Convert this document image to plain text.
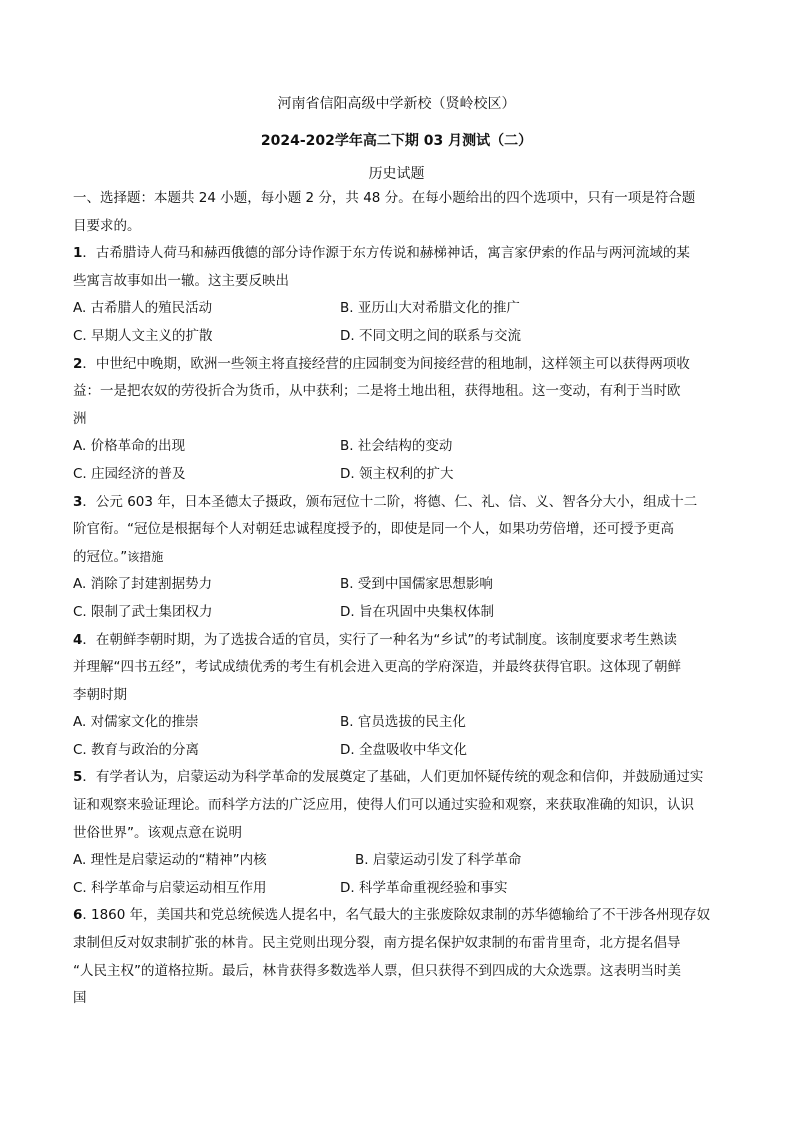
河南省信阳高级中学新校（贤岭校区）
2024-202学年高二下期 03 月测试（二）
历史试题
一、选择题：本题共 24 小题，每小题 2 分，共 48 分。在每小题给出的四个选项中，只有一项是符合题
目要求的。
1．古希腊诗人荷马和赫西俄德的部分诗作源于东方传说和赫梯神话，寓言家伊索的作品与两河流域的某
些寓言故事如出一辙。这主要反映出
A. 古希腊人的殖民活动	B. 亚历山大对希腊文化的推广
C. 早期人文主义的扩散	D. 不同文明之间的联系与交流
2．中世纪中晚期，欧洲一些领主将直接经营的庄园制变为间接经营的租地制，这样领主可以获得两项收
益：一是把农奴的劳役折合为货币，从中获利；二是将土地出租，获得地租。这一变动，有利于当时欧
洲
A. 价格革命的出现	B. 社会结构的变动
C. 庄园经济的普及	D. 领主权利的扩大
3．公元 603 年，日本圣德太子摄政，颁布冠位十二阶，将德、仁、礼、信、义、智各分大小，组成十二
阶官衔。“冠位是根据每个人对朝廷忠诚程度授予的，即使是同一个人，如果功劳倍增，还可授予更高
的冠位。”该措施
A. 消除了封建割据势力	B. 受到中国儒家思想影响
C. 限制了武士集团权力	D. 旨在巩固中央集权体制
4．在朝鲜李朝时期，为了选拔合适的官员，实行了一种名为“乡试”的考试制度。该制度要求考生熟读
并理解“四书五经”，考试成绩优秀的考生有机会进入更高的学府深造，并最终获得官职。这体现了朝鲜
李朝时期
A. 对儒家文化的推崇	B. 官员选拔的民主化
C. 教育与政治的分离	D. 全盘吸收中华文化
5．有学者认为，启蒙运动为科学革命的发展奠定了基础，人们更加怀疑传统的观念和信仰，并鼓励通过实
证和观察来验证理论。而科学方法的广泛应用，使得人们可以通过实验和观察，来获取准确的知识，认识
世俗世界”。该观点意在说明
A. 理性是启蒙运动的“精神”内核	B. 启蒙运动引发了科学革命
C. 科学革命与启蒙运动相互作用	D. 科学革命重视经验和事实
6. 1860 年，美国共和党总统候选人提名中，名气最大的主张废除奴隶制的苏华德输给了不干涉各州现存奴
隶制但反对奴隶制扩张的林肯。民主党则出现分裂，南方提名保护奴隶制的布雷肯里奇，北方提名倡导
“人民主权”的道格拉斯。最后，林肯获得多数选举人票，但只获得不到四成的大众选票。这表明当时美
国
